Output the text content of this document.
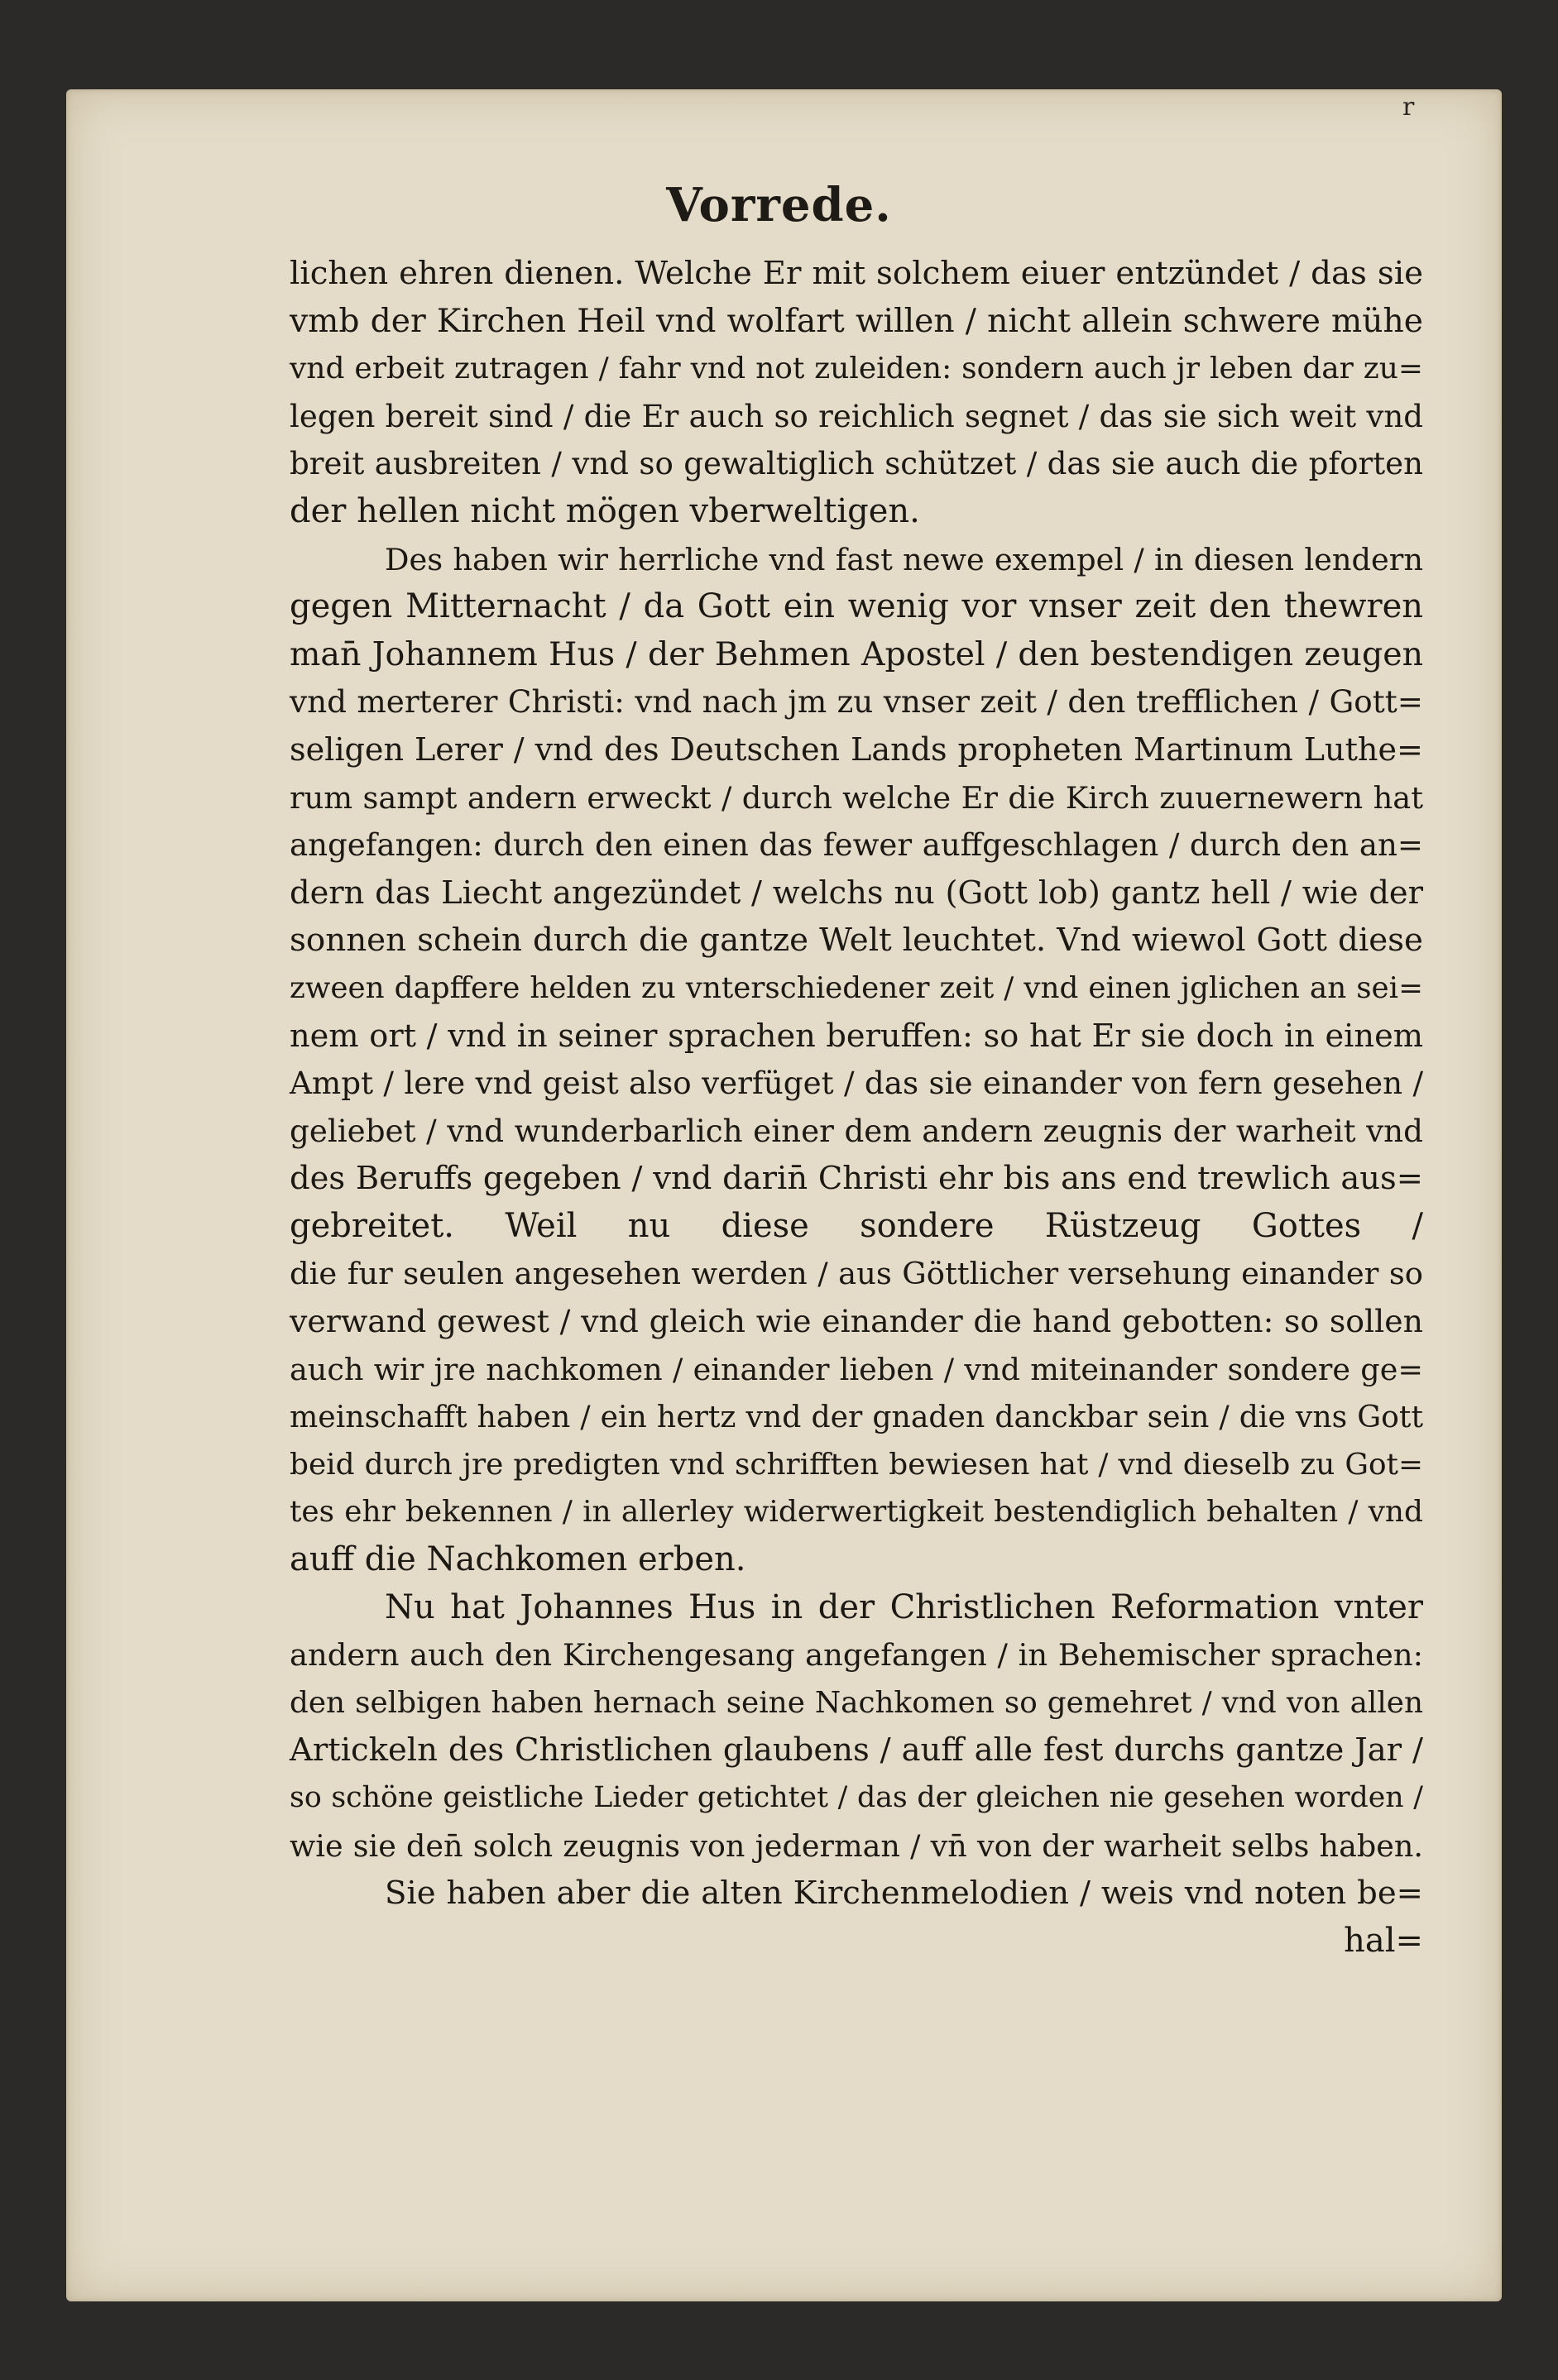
r
Vorrede.
lichen ehren dienen. Welche Er mit solchem eiuer entzündet / das sie
vmb der Kirchen Heil vnd wolfart willen / nicht allein schwere mühe
vnd erbeit zutragen / fahr vnd not zuleiden: sondern auch jr leben dar zu=
legen bereit sind / die Er auch so reichlich segnet / das sie sich weit vnd
breit ausbreiten / vnd so gewaltiglich schützet / das sie auch die pforten
der hellen nicht mögen vberweltigen.
Des haben wir herrliche vnd fast newe exempel / in diesen lendern
gegen Mitternacht / da Gott ein wenig vor vnser zeit den thewren
man̄ Johannem Hus / der Behmen Apostel / den bestendigen zeugen
vnd merterer Christi: vnd nach jm zu vnser zeit / den trefflichen / Gott=
seligen Lerer / vnd des Deutschen Lands propheten Martinum Luthe=
rum sampt andern erweckt / durch welche Er die Kirch zuuernewern hat
angefangen: durch den einen das fewer auffgeschlagen / durch den an=
dern das Liecht angezündet / welchs nu (Gott lob) gantz hell / wie der
sonnen schein durch die gantze Welt leuchtet. Vnd wiewol Gott diese
zween dapffere helden zu vnterschiedener zeit / vnd einen jglichen an sei=
nem ort / vnd in seiner sprachen beruffen: so hat Er sie doch in einem
Ampt / lere vnd geist also verfüget / das sie einander von fern gesehen /
geliebet / vnd wunderbarlich einer dem andern zeugnis der warheit vnd
des Beruffs gegeben / vnd darin̄ Christi ehr bis ans end trewlich aus=
gebreitet. Weil nu diese sondere Rüstzeug Gottes /
die fur seulen angesehen werden / aus Göttlicher versehung einander so
verwand gewest / vnd gleich wie einander die hand gebotten: so sollen
auch wir jre nachkomen / einander lieben / vnd miteinander sondere ge=
meinschafft haben / ein hertz vnd der gnaden danckbar sein / die vns Gott
beid durch jre predigten vnd schrifften bewiesen hat / vnd dieselb zu Got=
tes ehr bekennen / in allerley widerwertigkeit bestendiglich behalten / vnd
auff die Nachkomen erben.
Nu hat Johannes Hus in der Christlichen Reformation vnter
andern auch den Kirchengesang angefangen / in Behemischer sprachen:
den selbigen haben hernach seine Nachkomen so gemehret / vnd von allen
Artickeln des Christlichen glaubens / auff alle fest durchs gantze Jar /
so schöne geistliche Lieder getichtet / das der gleichen nie gesehen worden /
wie sie den̄ solch zeugnis von jederman / vn̄ von der warheit selbs haben.
Sie haben aber die alten Kirchenmelodien / weis vnd noten be=
hal=
